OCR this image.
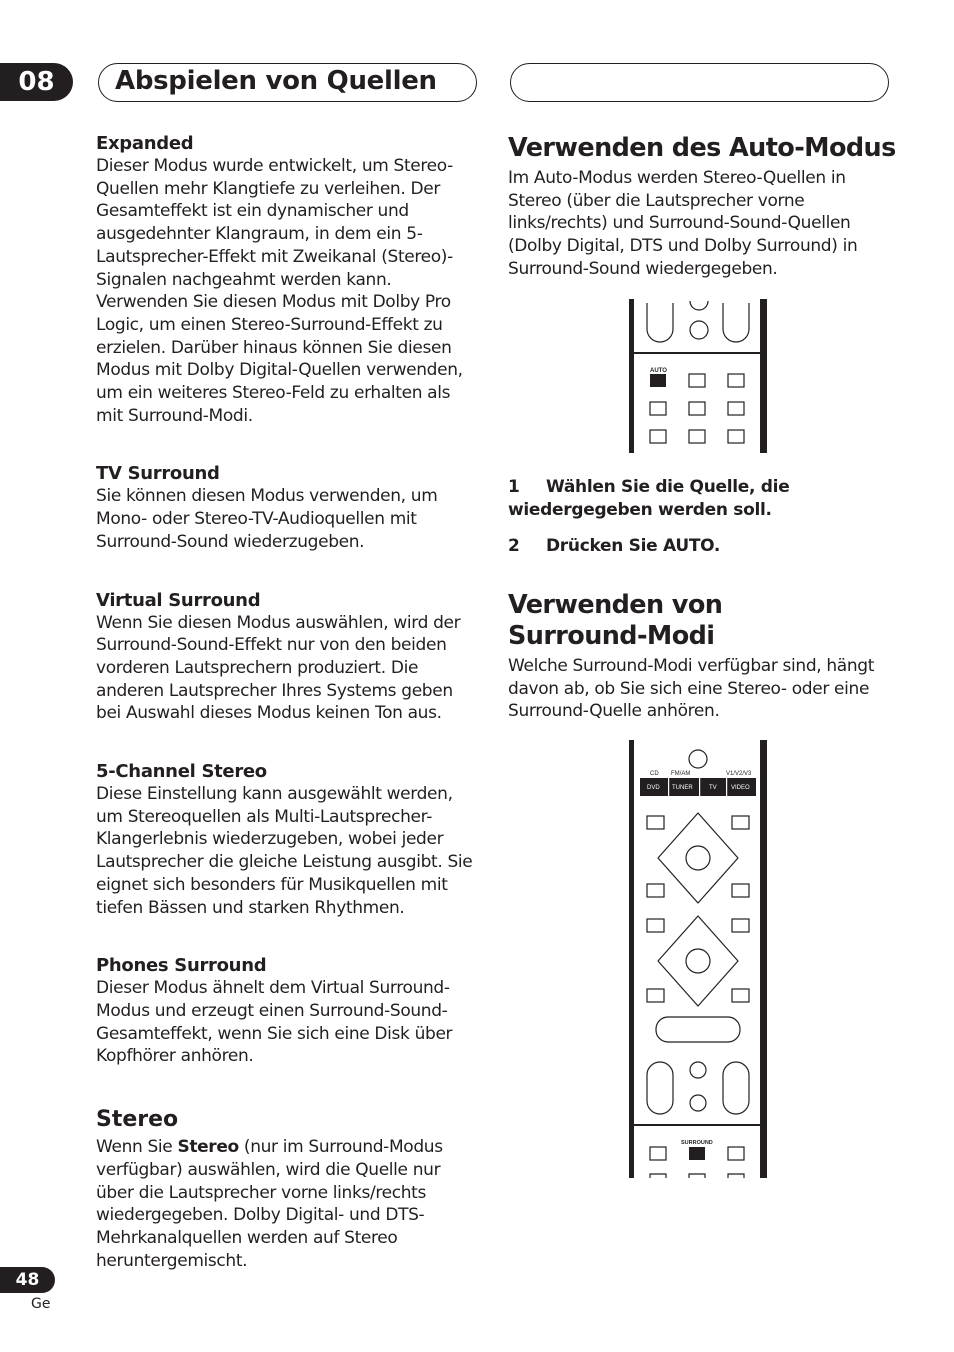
08	Abspielen von Quellen
Expanded
Dieser Modus wurde entwickelt, um Stereo-Quellen mehr Klangtiefe zu verleihen. Der Gesamteffekt ist ein dynamischer und ausgedehnter Klangraum, in dem ein 5-Lautsprecher-Effekt mit Zweikanal (Stereo)-Signalen nachgeahmt werden kann. Verwenden Sie diesen Modus mit Dolby Pro Logic, um einen Stereo-Surround-Effekt zu erzielen. Darüber hinaus können Sie diesen Modus mit Dolby Digital-Quellen verwenden, um ein weiteres Stereo-Feld zu erhalten als mit Surround-Modi.
TV Surround
Sie können diesen Modus verwenden, um Mono- oder Stereo-TV-Audioquellen mit Surround-Sound wiederzugeben.
Virtual Surround
Wenn Sie diesen Modus auswählen, wird der Surround-Sound-Effekt nur von den beiden vorderen Lautsprechern produziert. Die anderen Lautsprecher Ihres Systems geben bei Auswahl dieses Modus keinen Ton aus.
5-Channel Stereo
Diese Einstellung kann ausgewählt werden, um Stereoquellen als Multi-Lautsprecher-Klangerlebnis wiederzugeben, wobei jeder Lautsprecher die gleiche Leistung ausgibt. Sie eignet sich besonders für Musikquellen mit tiefen Bässen und starken Rhythmen.
Phones Surround
Dieser Modus ähnelt dem Virtual Surround-Modus und erzeugt einen Surround-Sound-Gesamteffekt, wenn Sie sich eine Disk über Kopfhörer anhören.
Stereo
Wenn Sie Stereo (nur im Surround-Modus verfügbar) auswählen, wird die Quelle nur über die Lautsprecher vorne links/rechts wiedergegeben. Dolby Digital- und DTS-Mehrkanalquellen werden auf Stereo heruntergemischt.
Verwenden des Auto-Modus
Im Auto-Modus werden Stereo-Quellen in Stereo (über die Lautsprecher vorne links/rechts) und Surround-Sound-Quellen (Dolby Digital, DTS und Dolby Surround) in Surround-Sound wiedergegeben.
AUTO
1 Wählen Sie die Quelle, die wiedergegeben werden soll.
2 Drücken Sie AUTO.
Verwenden von Surround-Modi
Welche Surround-Modi verfügbar sind, hängt davon ab, ob Sie sich eine Stereo- oder eine Surround-Quelle anhören.
CD FM/AM	V1/V2/V3
DVD TUNER	TV VIDEO
SURROUND
48
Ge
